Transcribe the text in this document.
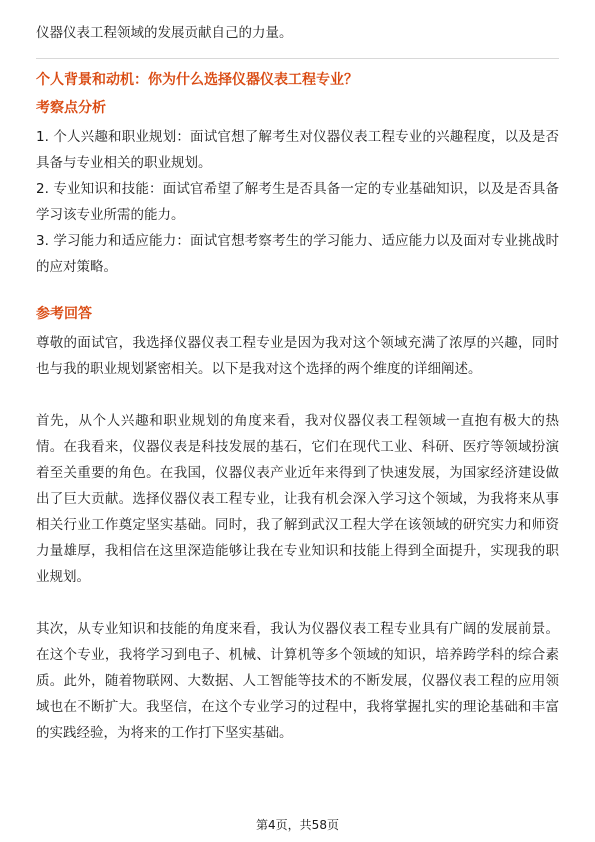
仪器仪表工程领域的发展贡献自己的力量。

个人背景和动机：你为什么选择仪器仪表工程专业？

考察点分析

1. 个人兴趣和职业规划：面试官想了解考生对仪器仪表工程专业的兴趣程度，以及是否具备与专业相关的职业规划。

2. 专业知识和技能：面试官希望了解考生是否具备一定的专业基础知识，以及是否具备学习该专业所需的能力。

3. 学习能力和适应能力：面试官想考察考生的学习能力、适应能力以及面对专业挑战时的应对策略。

参考回答

尊敬的面试官，我选择仪器仪表工程专业是因为我对这个领域充满了浓厚的兴趣，同时也与我的职业规划紧密相关。以下是我对这个选择的两个维度的详细阐述。

首先，从个人兴趣和职业规划的角度来看，我对仪器仪表工程领域一直抱有极大的热情。在我看来，仪器仪表是科技发展的基石，它们在现代工业、科研、医疗等领域扮演着至关重要的角色。在我国，仪器仪表产业近年来得到了快速发展，为国家经济建设做出了巨大贡献。选择仪器仪表工程专业，让我有机会深入学习这个领域，为我将来从事相关行业工作奠定坚实基础。同时，我了解到武汉工程大学在该领域的研究实力和师资力量雄厚，我相信在这里深造能够让我在专业知识和技能上得到全面提升，实现我的职业规划。

其次，从专业知识和技能的角度来看，我认为仪器仪表工程专业具有广阔的发展前景。在这个专业，我将学习到电子、机械、计算机等多个领域的知识，培养跨学科的综合素质。此外，随着物联网、大数据、人工智能等技术的不断发展，仪器仪表工程的应用领域也在不断扩大。我坚信，在这个专业学习的过程中，我将掌握扎实的理论基础和丰富的实践经验，为将来的工作打下坚实基础。

第4页，共58页
